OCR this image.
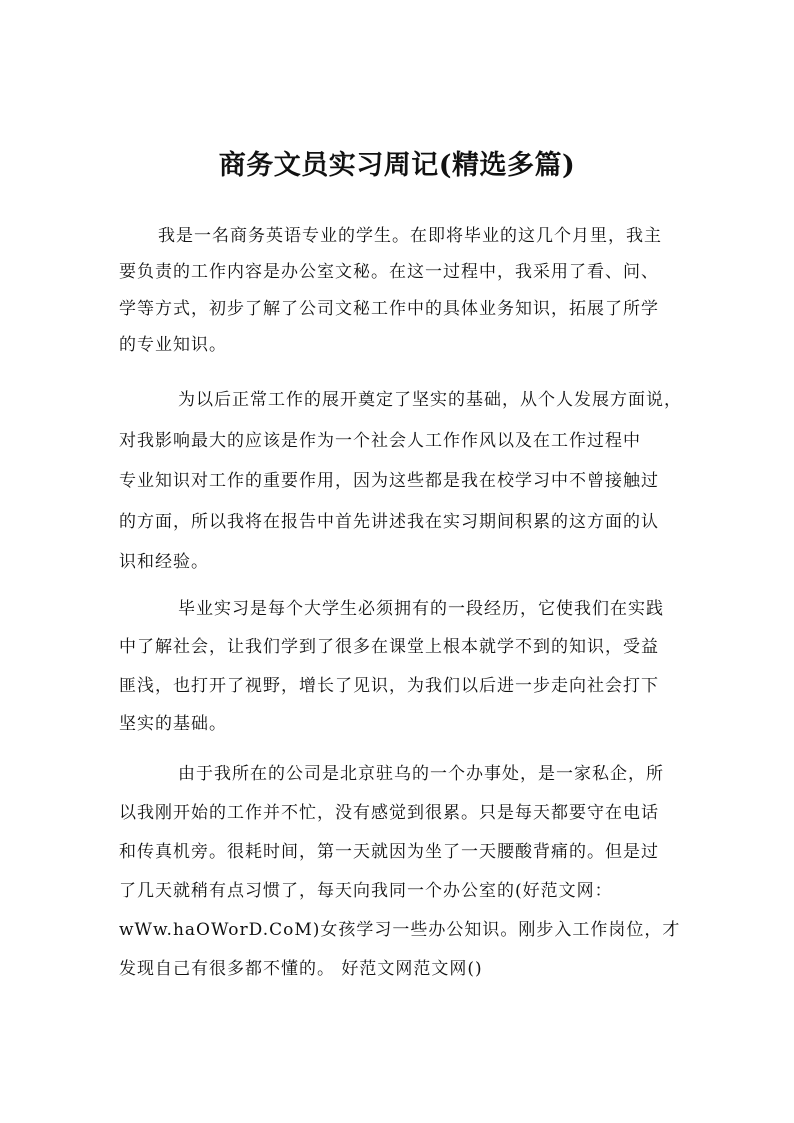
商务文员实习周记(精选多篇)
我是一名商务英语专业的学生。在即将毕业的这几个月里，我主
要负责的工作内容是办公室文秘。在这一过程中，我采用了看、问、
学等方式，初步了解了公司文秘工作中的具体业务知识，拓展了所学
的专业知识。
为以后正常工作的展开奠定了坚实的基础，从个人发展方面说，
对我影响最大的应该是作为一个社会人工作作风以及在工作过程中
专业知识对工作的重要作用，因为这些都是我在校学习中不曾接触过
的方面，所以我将在报告中首先讲述我在实习期间积累的这方面的认
识和经验。
毕业实习是每个大学生必须拥有的一段经历，它使我们在实践
中了解社会，让我们学到了很多在课堂上根本就学不到的知识，受益
匪浅，也打开了视野，增长了见识，为我们以后进一步走向社会打下
坚实的基础。
由于我所在的公司是北京驻乌的一个办事处，是一家私企，所
以我刚开始的工作并不忙，没有感觉到很累。只是每天都要守在电话
和传真机旁。很耗时间，第一天就因为坐了一天腰酸背痛的。但是过
了几天就稍有点习惯了，每天向我同一个办公室的(好范文网：
wWw.haOWorD.CoM)女孩学习一些办公知识。刚步入工作岗位，才
发现自己有很多都不懂的。 好范文网范文网()
